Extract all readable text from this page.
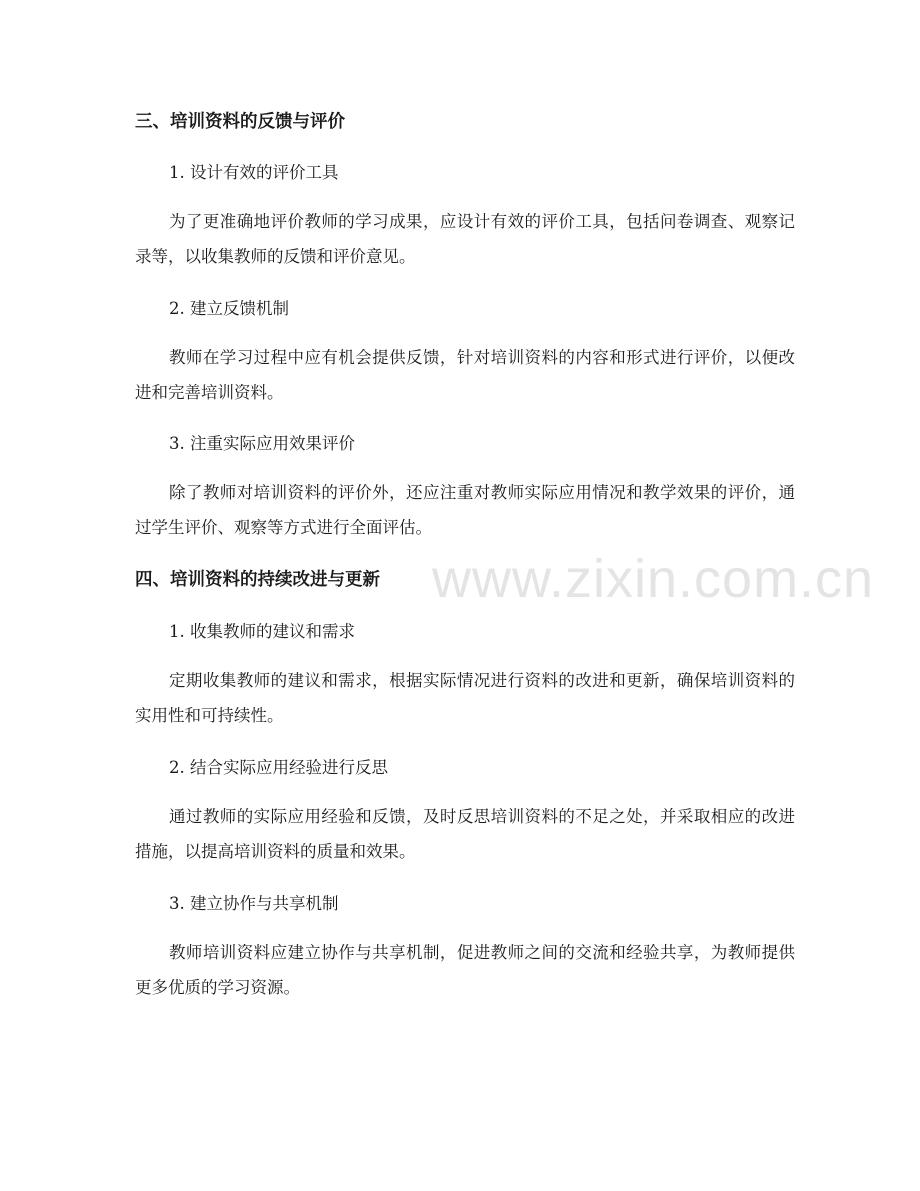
www.zixin.com.cn
三、培训资料的反馈与评价

1. 设计有效的评价工具

为了更准确地评价教师的学习成果，应设计有效的评价工具，包括问卷调查、观察记录等，以收集教师的反馈和评价意见。

2. 建立反馈机制

教师在学习过程中应有机会提供反馈，针对培训资料的内容和形式进行评价，以便改进和完善培训资料。

3. 注重实际应用效果评价

除了教师对培训资料的评价外，还应注重对教师实际应用情况和教学效果的评价，通过学生评价、观察等方式进行全面评估。

四、培训资料的持续改进与更新

1. 收集教师的建议和需求

定期收集教师的建议和需求，根据实际情况进行资料的改进和更新，确保培训资料的实用性和可持续性。

2. 结合实际应用经验进行反思

通过教师的实际应用经验和反馈，及时反思培训资料的不足之处，并采取相应的改进措施，以提高培训资料的质量和效果。

3. 建立协作与共享机制

教师培训资料应建立协作与共享机制，促进教师之间的交流和经验共享，为教师提供更多优质的学习资源。
